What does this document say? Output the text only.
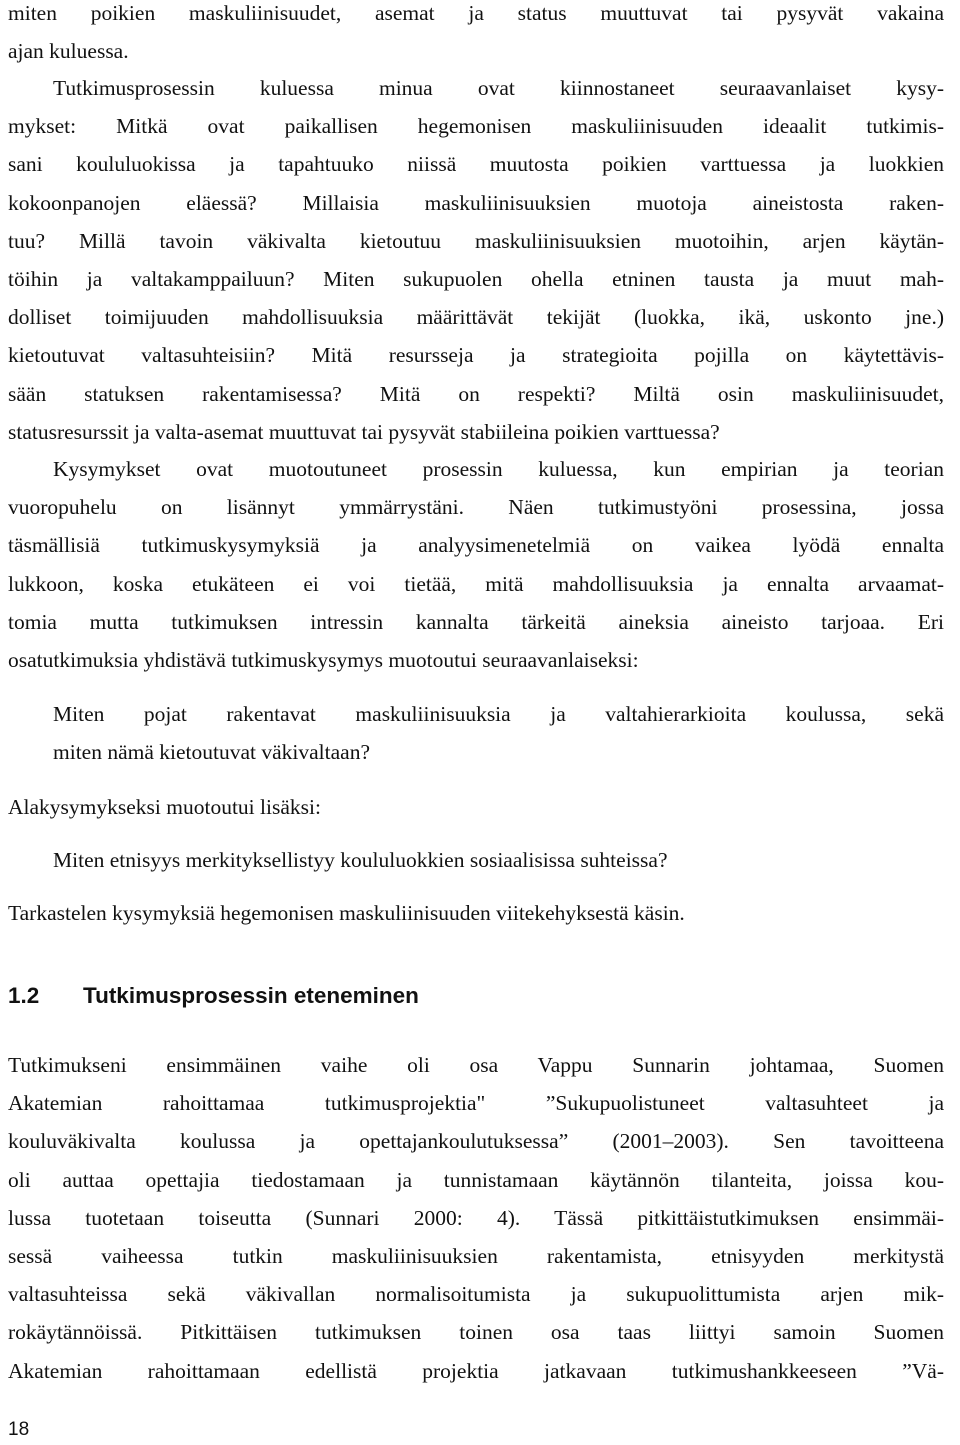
miten poikien maskuliinisuudet, asemat ja status muuttuvat tai pysyvät vakaina
ajan kuluessa.
Tutkimusprosessin kuluessa minua ovat kiinnostaneet seuraavanlaiset kysy-
mykset: Mitkä ovat paikallisen hegemonisen maskuliinisuuden ideaalit tutkimis-
sani koululuokissa ja tapahtuuko niissä muutosta poikien varttuessa ja luokkien
kokoonpanojen eläessä? Millaisia maskuliinisuuksien muotoja aineistosta raken-
tuu? Millä tavoin väkivalta kietoutuu maskuliinisuuksien muotoihin, arjen käytän-
töihin ja valtakamppailuun? Miten sukupuolen ohella etninen tausta ja muut mah-
dolliset toimijuuden mahdollisuuksia määrittävät tekijät (luokka, ikä, uskonto jne.)
kietoutuvat valtasuhteisiin? Mitä resursseja ja strategioita pojilla on käytettävis-
sään statuksen rakentamisessa? Mitä on respekti? Miltä osin maskuliinisuudet,
statusresurssit ja valta-asemat muuttuvat tai pysyvät stabiileina poikien varttuessa?
Kysymykset ovat muotoutuneet prosessin kuluessa, kun empirian ja teorian
vuoropuhelu on lisännyt ymmärrystäni. Näen tutkimustyöni prosessina, jossa
täsmällisiä tutkimuskysymyksiä ja analyysimenetelmiä on vaikea lyödä ennalta
lukkoon, koska etukäteen ei voi tietää, mitä mahdollisuuksia ja ennalta arvaamat-
tomia mutta tutkimuksen intressin kannalta tärkeitä aineksia aineisto tarjoaa. Eri
osatutkimuksia yhdistävä tutkimuskysymys muotoutui seuraavanlaiseksi:
Miten pojat rakentavat maskuliinisuuksia ja valtahierarkioita koulussa, sekä
miten nämä kietoutuvat väkivaltaan?
Alakysymykseksi muotoutui lisäksi:
Miten etnisyys merkityksellistyy koululuokkien sosiaalisissa suhteissa?
Tarkastelen kysymyksiä hegemonisen maskuliinisuuden viitekehyksestä käsin.
1.2 Tutkimusprosessin eteneminen
Tutkimukseni ensimmäinen vaihe oli osa Vappu Sunnarin johtamaa, Suomen
Akatemian rahoittamaa tutkimusprojektia" ”Sukupuolistuneet valtasuhteet ja
kouluväkivalta koulussa ja opettajankoulutuksessa” (2001–2003). Sen tavoitteena
oli auttaa opettajia tiedostamaan ja tunnistamaan käytännön tilanteita, joissa kou-
lussa tuotetaan toiseutta (Sunnari 2000: 4). Tässä pitkittäistutkimuksen ensimmäi-
sessä vaiheessa tutkin maskuliinisuuksien rakentamista, etnisyyden merkitystä
valtasuhteissa sekä väkivallan normalisoitumista ja sukupuolittumista arjen mik-
rokäytännöissä. Pitkittäisen tutkimuksen toinen osa taas liittyi samoin Suomen
Akatemian rahoittamaan edellistä projektia jatkavaan tutkimushankkeeseen ”Vä-
18
